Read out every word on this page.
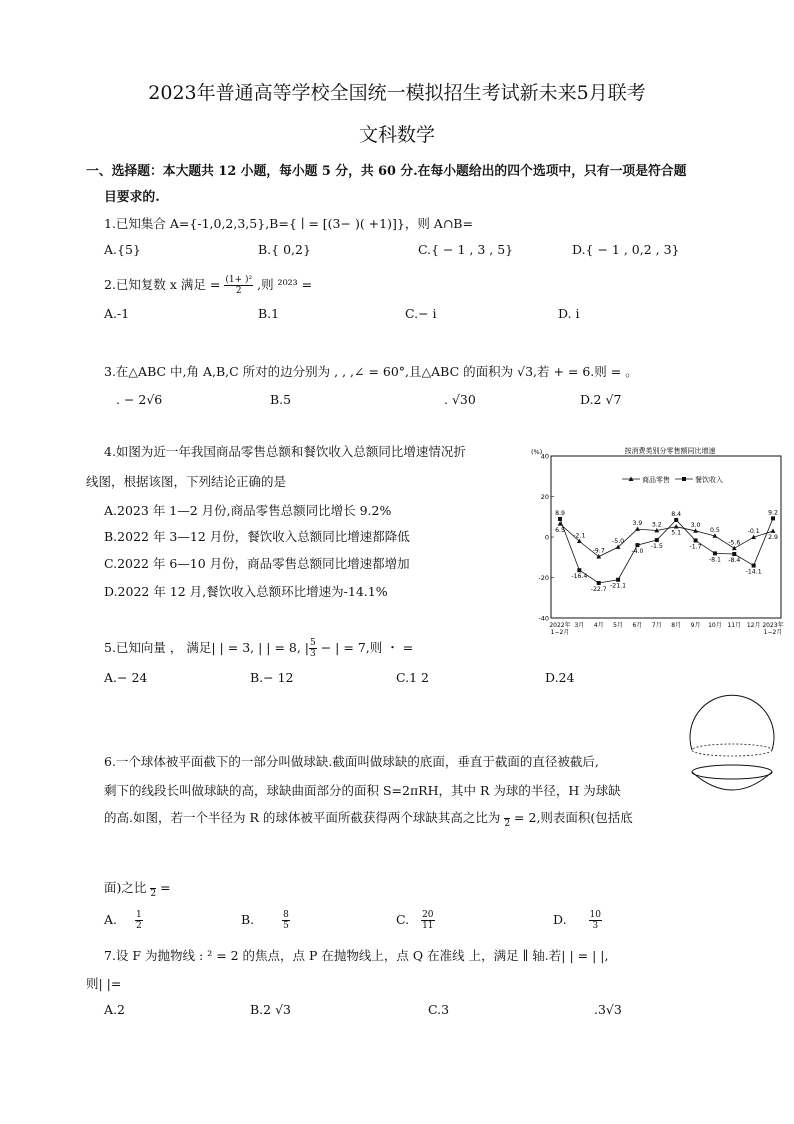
2023年普通高等学校全国统一模拟招生考试新未来5月联考
文科数学
一、选择题：本大题共 12 小题，每小题 5 分，共 60 分.在每小题给出的四个选项中，只有一项是符合题
目要求的.
1.已知集合 A={-1,0,2,3,5},B={ ∣ = [(3− )( +1)]}，则 A∩B=
A.{5}	B.{ 0,2}	C.{ − 1 , 3 , 5}	D.{ − 1 , 0,2 , 3}
2.已知复数 x 满足 = $\frac{\text{(1+ )²}}{2}$ ,则 ²⁰²³ =
A.-1	B.1	C.− i	D. i
3.在△ABC 中,角 A,B,C 所对的边分别为 , , ,∠ = 60°,且△ABC 的面积为 √3,若 + = 6.则 = 。
. − 2√6	B.5	. √30	D.2 √7
4.如图为近一年我国商品零售总额和餐饮收入总额同比增速情况折
线图，根据该图，下列结论正确的是
A.2023 年 1—2 月份,商品零售总额同比增长 9.2%
B.2022 年 3—12 月份，餐饮收入总额同比增速都降低
C.2022 年 6—10 月份，商品零售总额同比增速都增加
D.2022 年 12 月,餐饮收入总额环比增速为-14.1%
(%)	按消费类别分零售额同比增速
40
20
0
-20
-40
2022年
1−2月
3月 4月 5月 6月 7月 8月 9月 10月 11月 12月 2023年
1−2月
6.5
-2.1
-9.7
-5.0
3.9 3.2
5.1
3.0
0.5
-5.6
-0.1
2.9
8.9
-16.4
-22.7 -21.1
-4.0
-1.5
8.4
-1.7
-8.1 -8.4
-14.1
9.2
商品零售	餐饮收入
5.已知向量 ， 满足| | = 3, | | = 8, | $\frac{5}{3}$ − | = 7,则 ・ =
A.− 24	B.− 12	C.1 2	D.24
6.一个球体被平面截下的一部分叫做球缺.截面叫做球缺的底面，垂直于截面的直径被截后,
剩下的线段长叫做球缺的高，球缺曲面部分的面积 S=2πRH，其中 R 为球的半径，H 为球缺
的高.如图，若一个半径为 R 的球体被平面所截获得两个球缺其高之比为
2 = 2,则表面积(包括底
面)之比
2 =
A. $\frac{1}{2}$	B.	$\frac{8}{5}$	C. $\frac{20}{11}$	D. $\frac{10}{3}$
7.设 F 为抛物线 : ² = 2 的焦点，点 P 在抛物线上，点 Q 在准线 上，满足 ∥ 轴.若| | = | |,
则| |=
A.2	B.2 √3	C.3	.3√3
